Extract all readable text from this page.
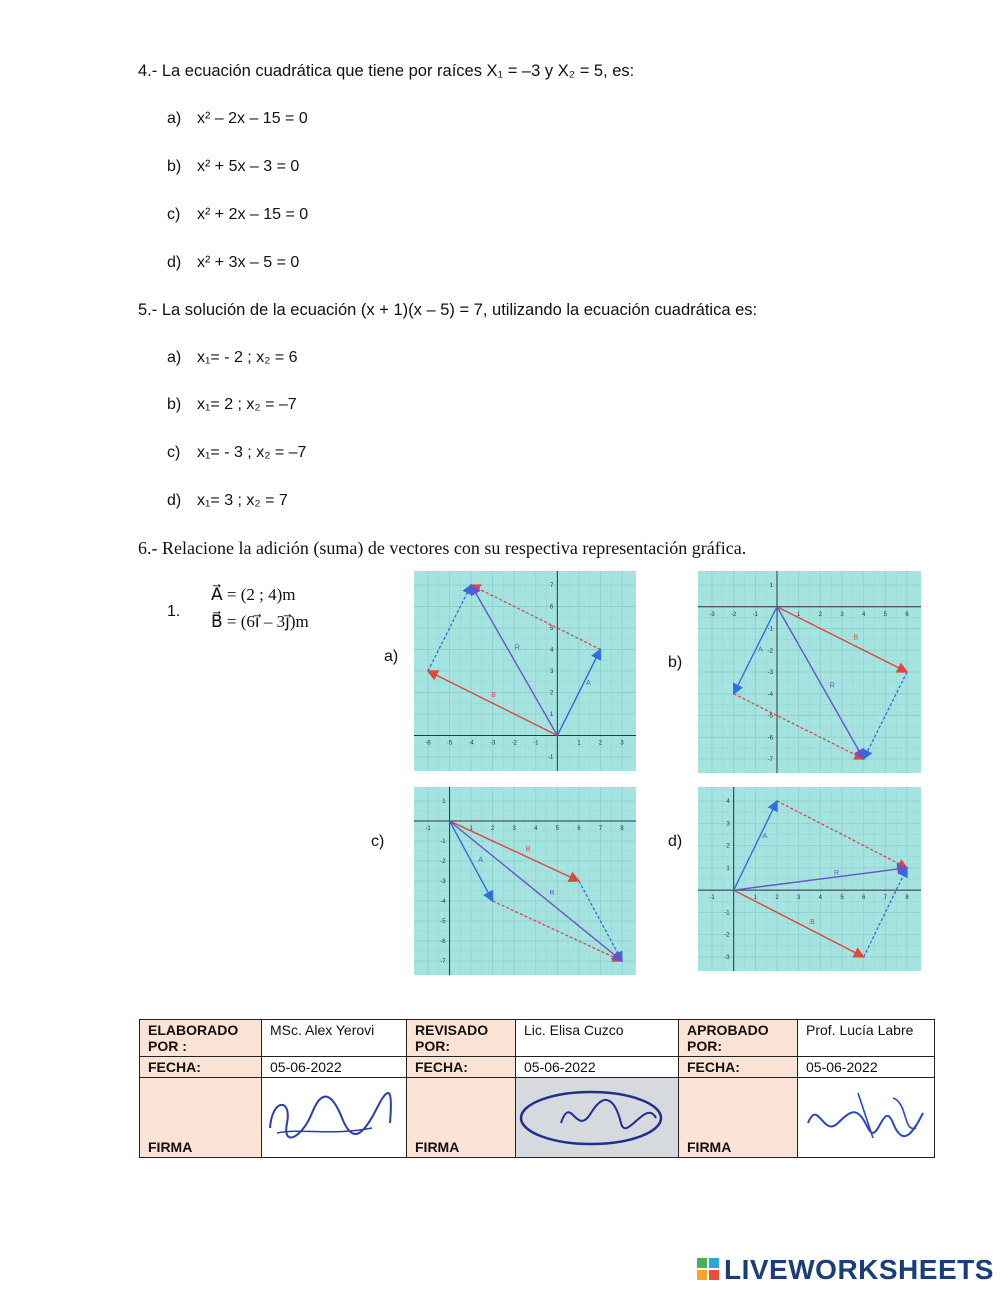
4.- La ecuación cuadrática que tiene por raíces X₁ = –3 y X₂ = 5, es:
a) x² – 2x – 15 = 0
b) x² + 5x – 3 = 0
c) x² + 2x – 15 = 0
d) x² + 3x – 5 = 0
5.- La solución de la ecuación (x + 1)(x – 5) = 7, utilizando la ecuación cuadrática es:
a) x₁= - 2 ; x₂ = 6
b) x₁= 2 ; x₂ = –7
c) x₁= - 3 ; x₂ = –7
d) x₁= 3 ; x₂ = 7
6.- Relacione la adición (suma) de vectores con su respectiva representación gráfica.
1.
A⃗ = (2 ; 4)m
B⃗ = (6i⃗ – 3j⃗)m
a)	b)
c)	d)
-6	-5	-4	-3	-2	-1	1	2	3
-1
1
2
3
4
5
6
7
A
B
R
-3	-2	-1	1	2	3	4	5	6
-7
-6
-5
-4
-3
-2
-1
1
A
B
R
-1	1	2	3	4	5	6	7	8
-7
-6
-5
-4
-3
-2
-1
1
A
B
R
-1	1	2	3	4	5	6	7	8
-3
-2
-1
1
2
3
4
A
B
R
ELABORADO POR :	MSc. Alex Yerovi	REVISADO POR:	Lic. Elisa Cuzco	APROBADO POR:	Prof. Lucía Labre
FECHA:	05-06-2022	FECHA:	05-06-2022	FECHA:	05-06-2022
FIRMA		FIRMA		FIRMA	
LIVEWORKSHEETS
